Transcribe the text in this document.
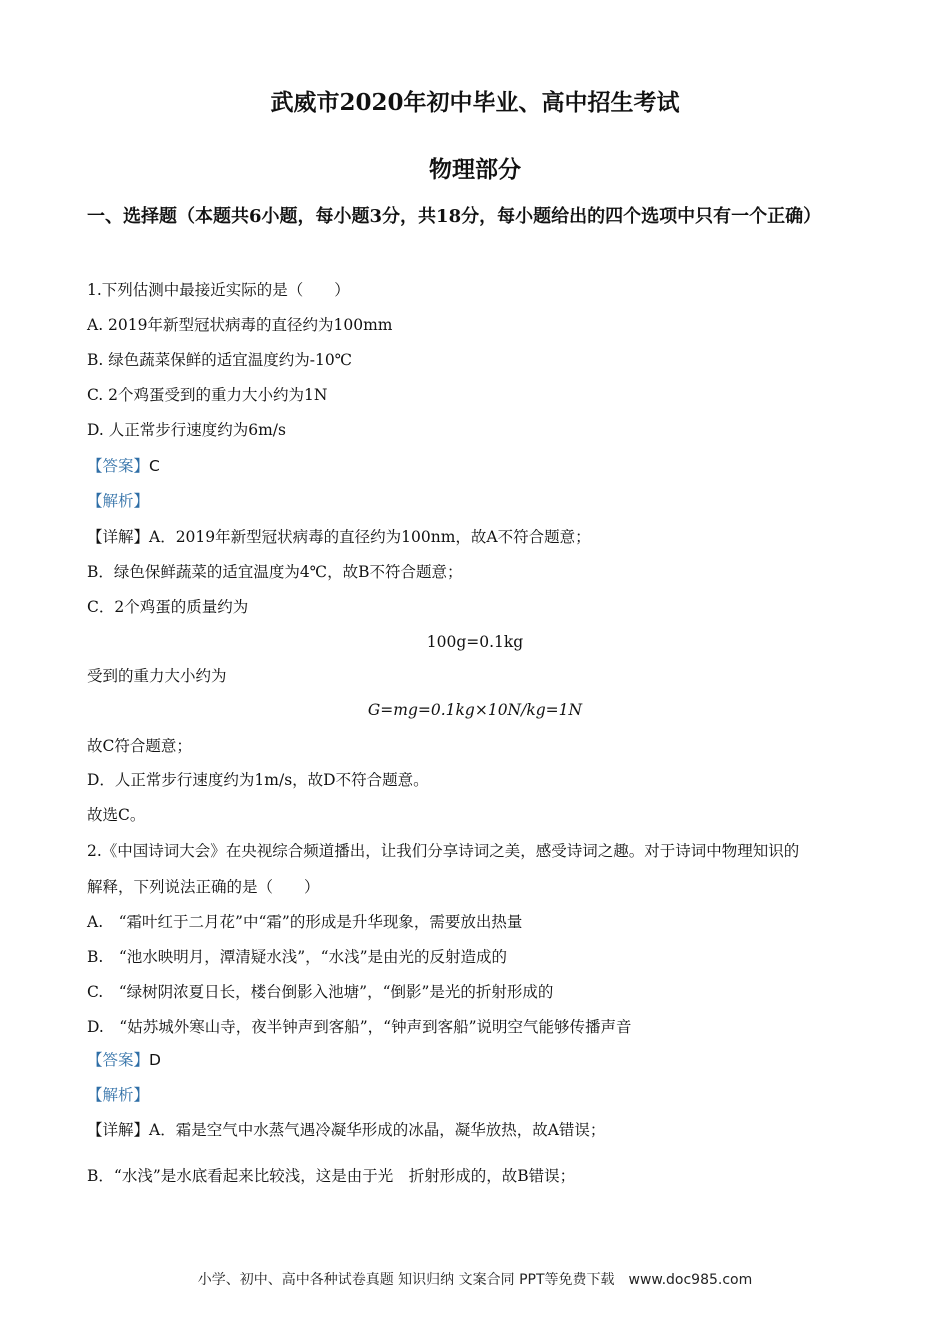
武威市2020年初中毕业、高中招生考试
物理部分
一、选择题（本题共6小题，每小题3分，共18分，每小题给出的四个选项中只有一个正确）
1.下列估测中最接近实际的是（　　）
A. 2019年新型冠状病毒的直径约为100mm
B. 绿色蔬菜保鲜的适宜温度约为-10℃
C. 2个鸡蛋受到的重力大小约为1N
D. 人正常步行速度约为6m/s
【答案】C
【解析】
【详解】A．2019年新型冠状病毒的直径约为100nm，故A不符合题意；
B．绿色保鲜蔬菜的适宜温度为4℃，故B不符合题意；
C．2个鸡蛋的质量约为
100g=0.1kg
受到的重力大小约为
G=mg=0.1kg×10N/kg=1N
故C符合题意；
D．人正常步行速度约为1m/s，故D不符合题意。
故选C。
2.《中国诗词大会》在央视综合频道播出，让我们分享诗词之美，感受诗词之趣。对于诗词中物理知识的
解释，下列说法正确的是（　　）
A.　“霜叶红于二月花”中“霜”的形成是升华现象，需要放出热量
B.　“池水映明月，潭清疑水浅”，“水浅”是由光的反射造成的
C.　“绿树阴浓夏日长，楼台倒影入池塘”，“倒影”是光的折射形成的
D.　“姑苏城外寒山寺，夜半钟声到客船”，“钟声到客船”说明空气能够传播声音
【答案】D
【解析】
【详解】A．霜是空气中水蒸气遇冷凝华形成的冰晶，凝华放热，故A错误；
B．“水浅”是水底看起来比较浅，这是由于光　折射形成的，故B错误；
小学、初中、高中各种试卷真题 知识归纳 文案合同 PPT等免费下载　www.doc985.com
